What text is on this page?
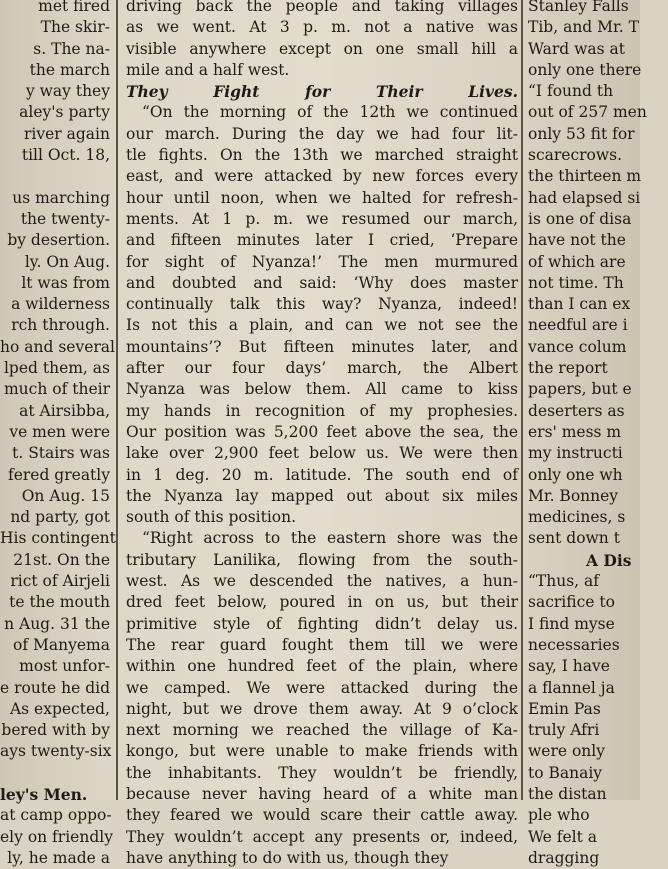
met fired
The skir-
s. The na-
the march
y way they
aley's party
river again
till Oct. 18,
us marching
the twenty-
by desertion.
ly. On Aug.
lt was from
a wilderness
rch through.
ho and several
lped them, as
much of their
at Airsibba,
ve men were
t. Stairs was
fered greatly
On Aug. 15
nd party, got
His contingent
21st. On the
rict of Airjeli
te the mouth
n Aug. 31 the
of Manyema
most unfor-
e route he did
As expected,
bered with by
ays twenty-six
ley's Men.
at camp oppo-
ely on friendly
ly, he made a
driving back the people and taking villages
as we went. At 3 p. m. not a native was
visible anywhere except on one small hill a
mile and a half west.
They Fight for Their Lives.
“On the morning of the 12th we continued
our march. During the day we had four lit-
tle fights. On the 13th we marched straight
east, and were attacked by new forces every
hour until noon, when we halted for refresh-
ments. At 1 p. m. we resumed our march,
and fifteen minutes later I cried, ‘Prepare
for sight of Nyanza!’ The men murmured
and doubted and said: ‘Why does master
continually talk this way? Nyanza, indeed!
Is not this a plain, and can we not see the
mountains’? But fifteen minutes later, and
after our four days’ march, the Albert
Nyanza was below them. All came to kiss
my hands in recognition of my prophesies.
Our position was 5,200 feet above the sea, the
lake over 2,900 feet below us. We were then
in 1 deg. 20 m. latitude. The south end of
the Nyanza lay mapped out about six miles
south of this position.
“Right across to the eastern shore was the
tributary Lanilika, flowing from the south-
west. As we descended the natives, a hun-
dred feet below, poured in on us, but their
primitive style of fighting didn’t delay us.
The rear guard fought them till we were
within one hundred feet of the plain, where
we camped. We were attacked during the
night, but we drove them away. At 9 o’clock
next morning we reached the village of Ka-
kongo, but were unable to make friends with
the inhabitants. They wouldn’t be friendly,
because never having heard of a white man
they feared we would scare their cattle away.
They wouldn’t accept any presents or, indeed,
have anything to do with us, though they
Stanley Falls
Tib, and Mr. T
Ward was at
only one there
“I found th
out of 257 men
only 53 fit for
scarecrows.
the thirteen m
had elapsed si
is one of disa
have not the
of which are
not time. Th
than I can ex
needful are i
vance colum
the report
papers, but e
deserters as
ers' mess m
my instructi
only one wh
Mr. Bonney
medicines, s
sent down t
A Dis
“Thus, af
sacrifice to
I find myse
necessaries
say, I have
a flannel ja
Emin Pas
truly Afri
were only
to Banaiy
the distan
ple who
We felt a
dragging
